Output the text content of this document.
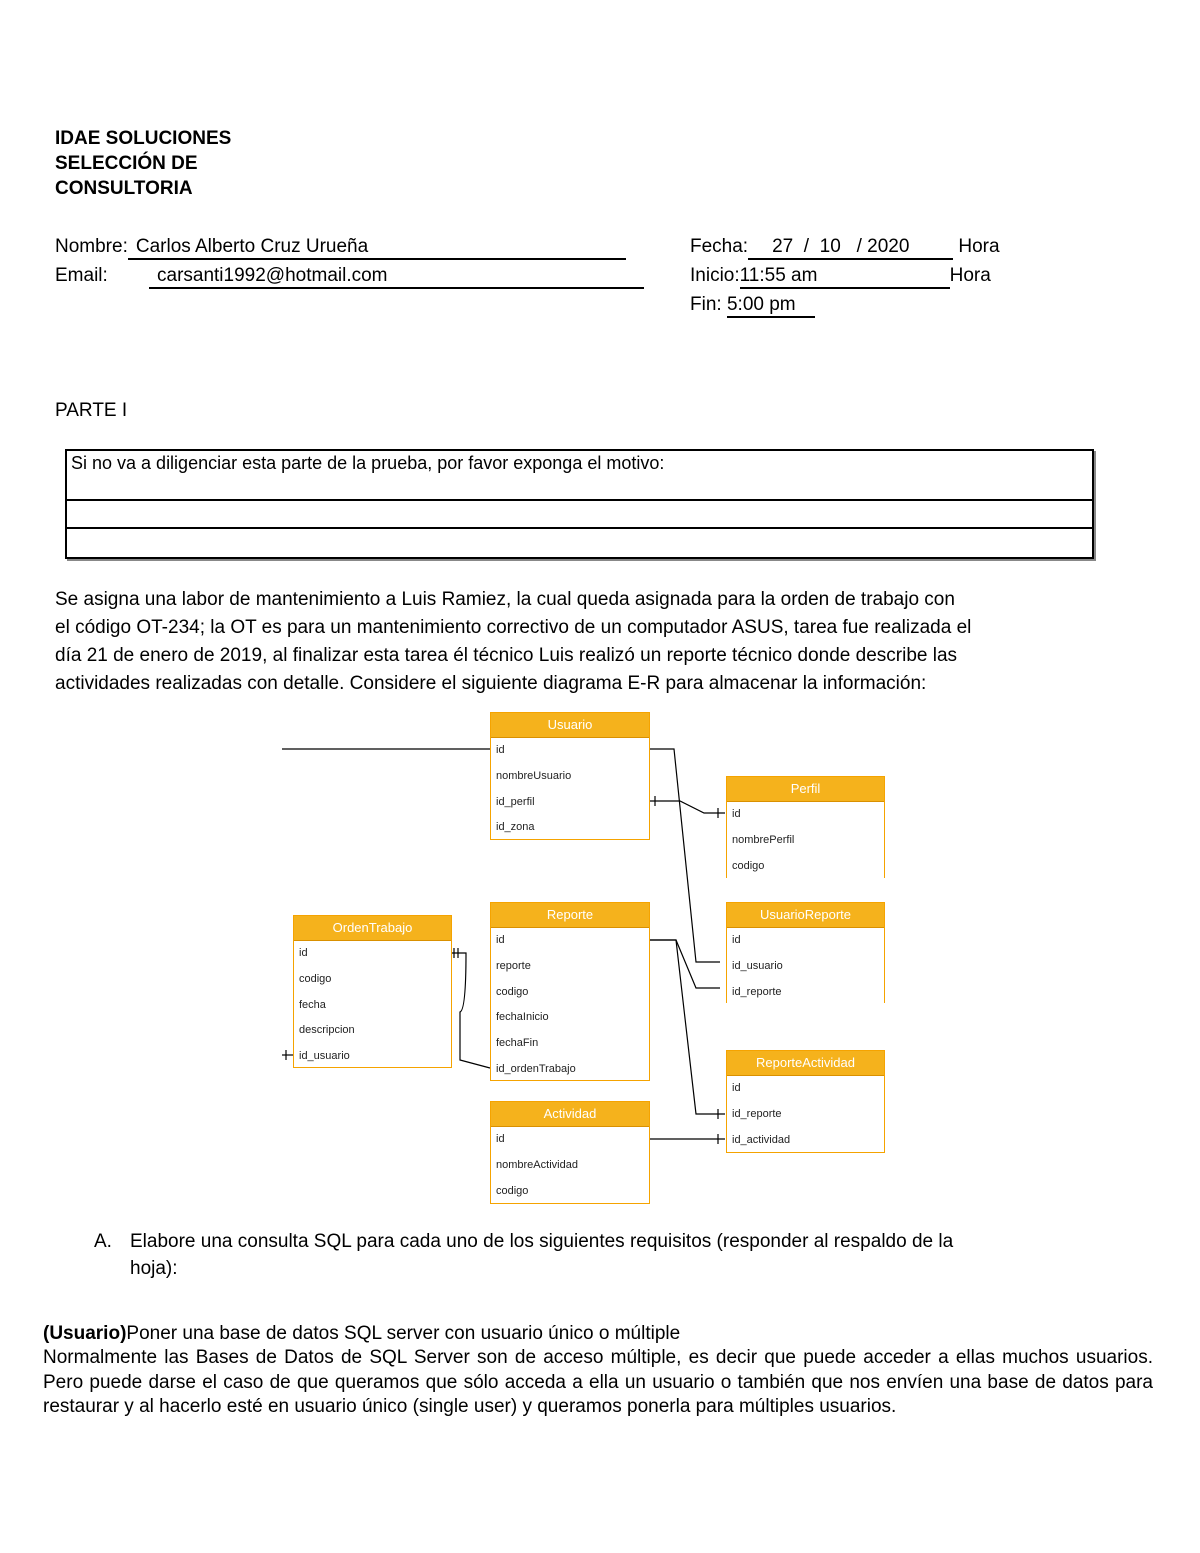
IDAE SOLUCIONES
SELECCIÓN DE
CONSULTORIA
Nombre: Carlos Alberto Cruz Urueña
Email:	carsanti1992@hotmail.com
Fecha: 27  /  10   / 2020	Hora
Inicio:11:55 am	Hora
Fin: 5:00 pm
PARTE I
Si no va a diligenciar esta parte de la prueba, por favor exponga el motivo:
Se asigna una labor de mantenimiento a Luis Ramiez, la cual queda asignada para la orden de trabajo con
el código OT-234; la OT es para un mantenimiento correctivo de un computador ASUS, tarea fue realizada el
día 21 de enero de 2019, al finalizar esta tarea él técnico Luis realizó un reporte técnico donde describe las
actividades realizadas con detalle. Considere el siguiente diagrama E-R para almacenar la información:
Usuario
id
nombreUsuario
id_perfil
id_zona
Perfil
id
nombrePerfil
codigo
UsuarioReporte
id
id_usuario
id_reporte
OrdenTrabajo
id
codigo
fecha
descripcion
id_usuario
Reporte
id
reporte
codigo
fechaInicio
fechaFin
id_ordenTrabajo	ReporteActividad
id
id_reporte
id_actividad
Actividad
id
nombreActividad
codigo
A. Elabore una consulta SQL para cada uno de los siguientes requisitos (responder al respaldo de la
hoja):
(Usuario)Poner una base de datos SQL server con usuario único o múltiple
Normalmente las Bases de Datos de SQL Server son de acceso múltiple, es decir que puede acceder a ellas muchos usuarios. Pero puede darse el caso de que queramos que sólo acceda a ella un usuario o también que nos envíen una base de datos para restaurar y al hacerlo esté en usuario único (single user) y queramos ponerla para múltiples usuarios.
